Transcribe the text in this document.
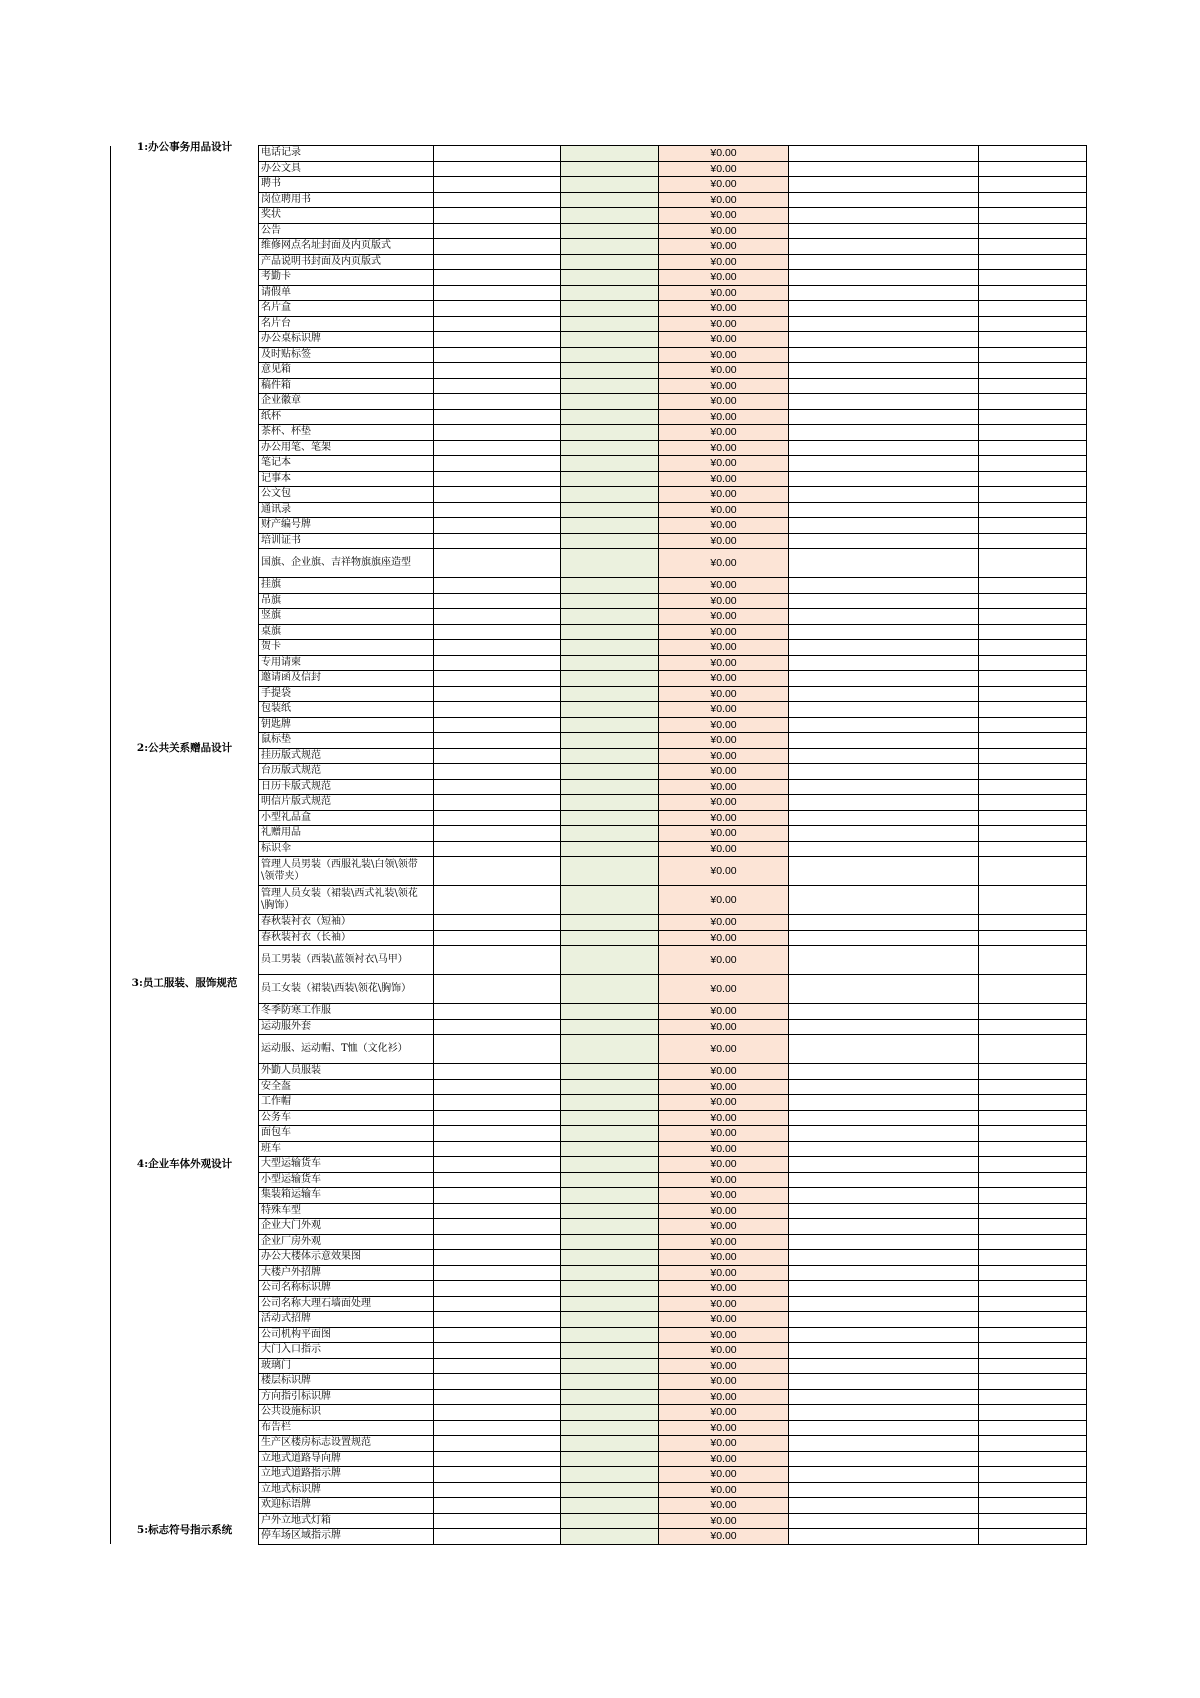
1:办公事务用品设计	电话记录			¥0.00		
	办公文具			¥0.00		
	聘书			¥0.00		
	岗位聘用书			¥0.00		
	奖状			¥0.00		
	公告			¥0.00		
	维修网点名址封面及内页版式			¥0.00		
	产品说明书封面及内页版式			¥0.00		
	考勤卡			¥0.00		
	请假单			¥0.00		
	名片盒			¥0.00		
	名片台			¥0.00		
	办公桌标识牌			¥0.00		
	及时贴标签			¥0.00		
	意见箱			¥0.00		
	稿件箱			¥0.00		
	企业徽章			¥0.00		
	纸杯			¥0.00		
	茶杯、杯垫			¥0.00		
	办公用笔、笔架			¥0.00		
	笔记本			¥0.00		
	记事本			¥0.00		
	公文包			¥0.00		
	通讯录			¥0.00		
	财产编号牌			¥0.00		
	培训证书			¥0.00		
	国旗、企业旗、吉祥物旗旗座造型			¥0.00		
	挂旗			¥0.00		
	吊旗			¥0.00		
	竖旗			¥0.00		
	桌旗			¥0.00		
2:公共关系赠品设计	贺卡			¥0.00		
	专用请柬			¥0.00		
	邀请函及信封			¥0.00		
	手提袋			¥0.00		
	包装纸			¥0.00		
	钥匙牌			¥0.00		
	鼠标垫			¥0.00		
	挂历版式规范			¥0.00		
	台历版式规范			¥0.00		
	日历卡版式规范			¥0.00		
	明信片版式规范			¥0.00		
	小型礼品盒			¥0.00		
	礼赠用品			¥0.00		
	标识伞			¥0.00		
3:员工服装、服饰规范	管理人员男装（西服礼装\白领\领带\领带夹）			¥0.00		
	管理人员女装（裙装\西式礼装\领花\胸饰）			¥0.00		
	春秋装衬衣（短袖）			¥0.00		
	春秋装衬衣（长袖）			¥0.00		
	员工男装（西装\蓝领衬衣\马甲）			¥0.00		
	员工女装（裙装\西装\领花\胸饰）			¥0.00		
	冬季防寒工作服			¥0.00		
	运动服外套			¥0.00		
	运动服、运动帽、T恤（文化衫）			¥0.00		
	外勤人员服装			¥0.00		
	安全盔			¥0.00		
	工作帽			¥0.00		
4:企业车体外观设计	公务车			¥0.00		
	面包车			¥0.00		
	班车			¥0.00		
	大型运输货车			¥0.00		
	小型运输货车			¥0.00		
	集装箱运输车			¥0.00		
	特殊车型			¥0.00		
5:标志符号指示系统	企业大门外观			¥0.00		
	企业厂房外观			¥0.00		
	办公大楼体示意效果图			¥0.00		
	大楼户外招牌			¥0.00		
	公司名称标识牌			¥0.00		
	公司名称大理石墙面处理			¥0.00		
	活动式招牌			¥0.00		
	公司机构平面图			¥0.00		
	大门入口指示			¥0.00		
	玻璃门			¥0.00		
	楼层标识牌			¥0.00		
	方向指引标识牌			¥0.00		
	公共设施标识			¥0.00		
	布告栏			¥0.00		
	生产区楼房标志设置规范			¥0.00		
	立地式道路导向牌			¥0.00		
	立地式道路指示牌			¥0.00		
	立地式标识牌			¥0.00		
	欢迎标语牌			¥0.00		
	户外立地式灯箱			¥0.00		
	停车场区域指示牌			¥0.00		
